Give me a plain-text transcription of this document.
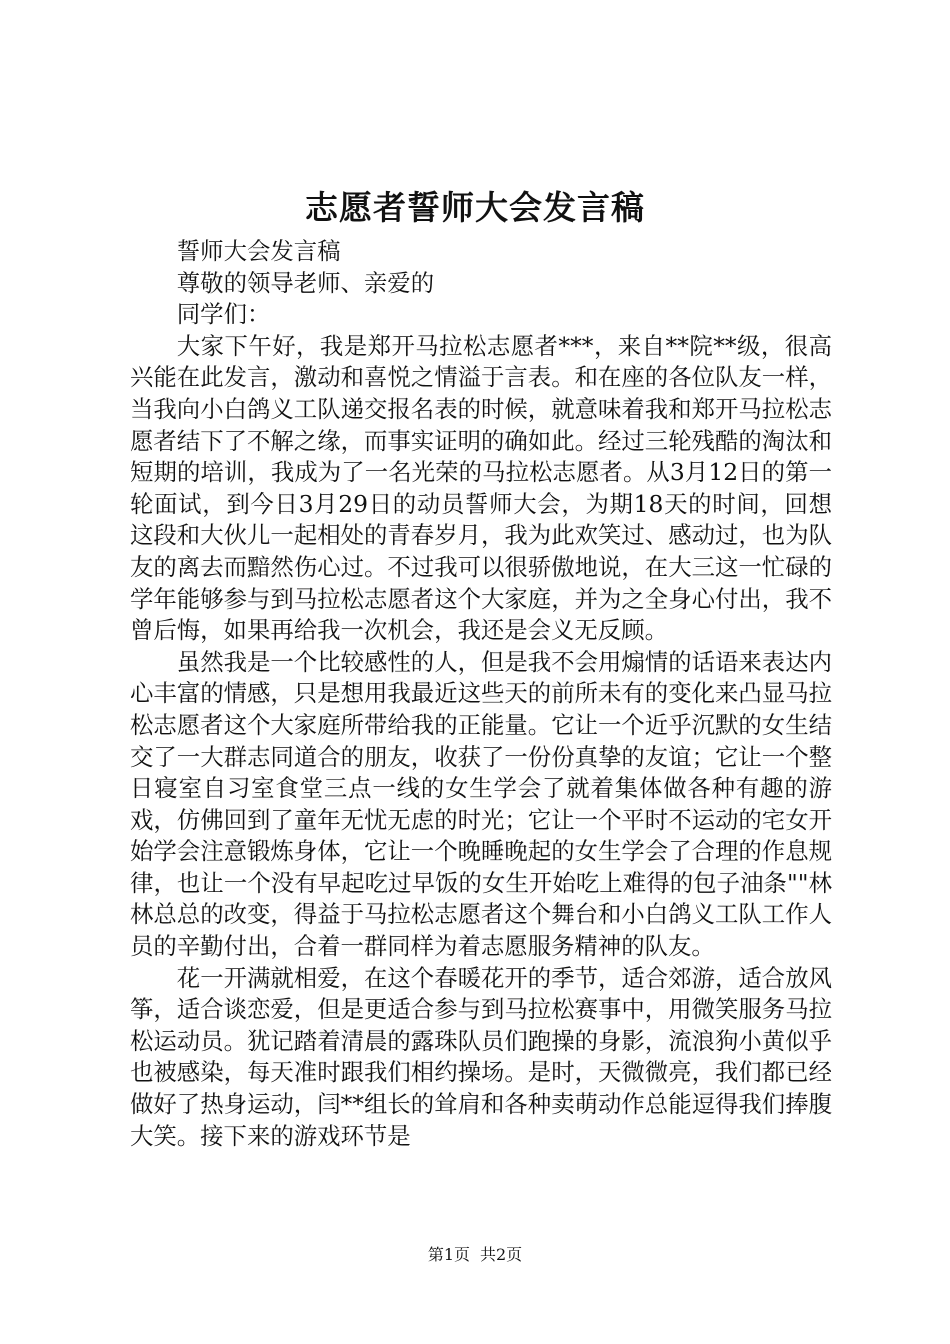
志愿者誓师大会发言稿

誓师大会发言稿

尊敬的领导老师、亲爱的

同学们：

大家下午好，我是郑开马拉松志愿者***，来自**院**级，很高兴能在此发言，激动和喜悦之情溢于言表。和在座的各位队友一样，当我向小白鸽义工队递交报名表的时候，就意味着我和郑开马拉松志愿者结下了不解之缘，而事实证明的确如此。经过三轮残酷的淘汰和短期的培训，我成为了一名光荣的马拉松志愿者。从3月12日的第一轮面试，到今日3月29日的动员誓师大会，为期18天的时间，回想这段和大伙儿一起相处的青春岁月，我为此欢笑过、感动过，也为队友的离去而黯然伤心过。不过我可以很骄傲地说，在大三这一忙碌的学年能够参与到马拉松志愿者这个大家庭，并为之全身心付出，我不曾后悔，如果再给我一次机会，我还是会义无反顾。

虽然我是一个比较感性的人，但是我不会用煽情的话语来表达内心丰富的情感，只是想用我最近这些天的前所未有的变化来凸显马拉松志愿者这个大家庭所带给我的正能量。它让一个近乎沉默的女生结交了一大群志同道合的朋友，收获了一份份真挚的友谊；它让一个整日寝室自习室食堂三点一线的女生学会了就着集体做各种有趣的游戏，仿佛回到了童年无忧无虑的时光；它让一个平时不运动的宅女开始学会注意锻炼身体，它让一个晚睡晚起的女生学会了合理的作息规律，也让一个没有早起吃过早饭的女生开始吃上难得的包子油条""林林总总的改变，得益于马拉松志愿者这个舞台和小白鸽义工队工作人员的辛勤付出，合着一群同样为着志愿服务精神的队友。

花一开满就相爱，在这个春暖花开的季节，适合郊游，适合放风筝，适合谈恋爱，但是更适合参与到马拉松赛事中，用微笑服务马拉松运动员。犹记踏着清晨的露珠队员们跑操的身影，流浪狗小黄似乎也被感染，每天准时跟我们相约操场。是时，天微微亮，我们都已经做好了热身运动，闫**组长的耸肩和各种卖萌动作总能逗得我们捧腹大笑。接下来的游戏环节是

第1页 共2页
